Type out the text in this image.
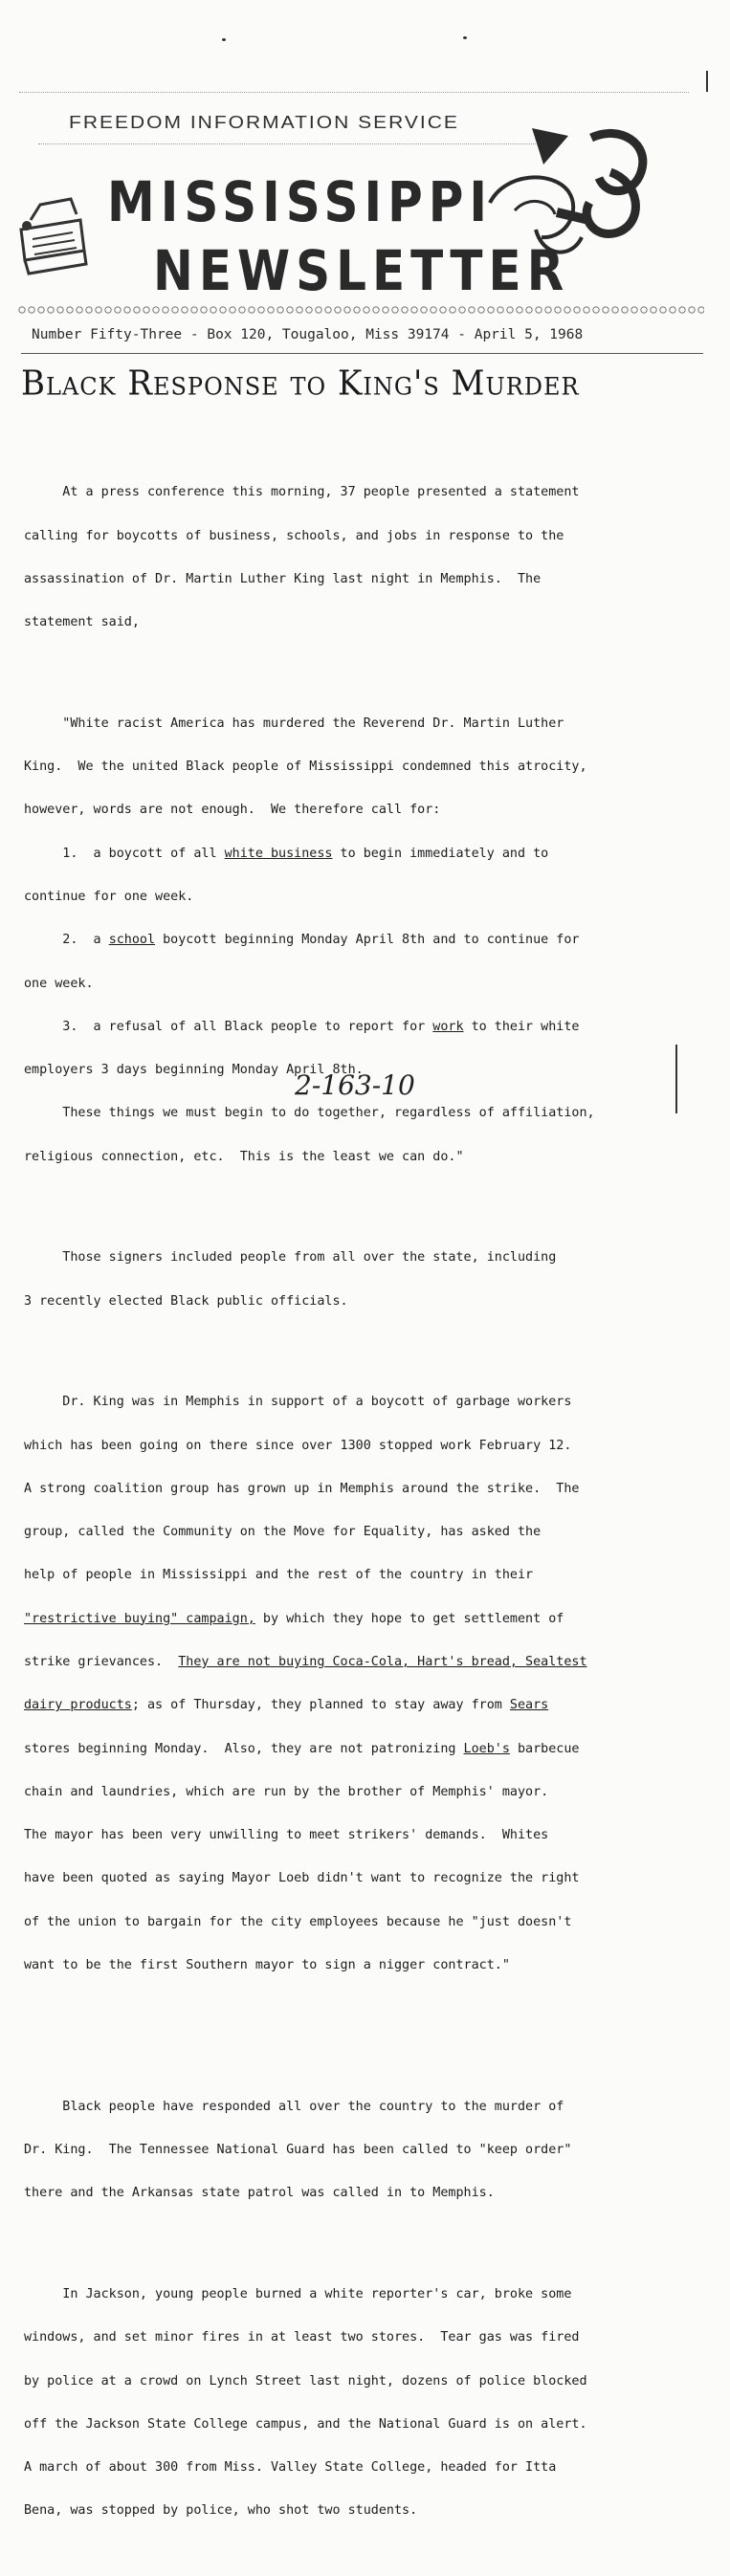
FREEDOM INFORMATION SERVICE
MISSISSIPPI
NEWSLETTER
Number Fifty-Three - Box 120, Tougaloo, Miss 39174 - April 5, 1968
Black Response to King's Murder

At a press conference this morning, 37 people presented a statement

calling for boycotts of business, schools, and jobs in response to the

assassination of Dr. Martin Luther King last night in Memphis.  The

statement said,

"White racist America has murdered the Reverend Dr. Martin Luther

King.  We the united Black people of Mississippi condemned this atrocity,

however, words are not enough.  We therefore call for:

1.  a boycott of all white business to begin immediately and to

continue for one week.

2.  a school boycott beginning Monday April 8th and to continue for

one week.

3.  a refusal of all Black people to report for work to their white

employers 3 days beginning Monday April 8th.

These things we must begin to do together, regardless of affiliation,

religious connection, etc.  This is the least we can do."

Those signers included people from all over the state, including

3 recently elected Black public officials.

Dr. King was in Memphis in support of a boycott of garbage workers

which has been going on there since over 1300 stopped work February 12.

A strong coalition group has grown up in Memphis around the strike.  The

group, called the Community on the Move for Equality, has asked the

help of people in Mississippi and the rest of the country in their

"restrictive buying" campaign, by which they hope to get settlement of

strike grievances.  They are not buying Coca-Cola, Hart's bread, Sealtest

dairy products; as of Thursday, they planned to stay away from Sears

stores beginning Monday.  Also, they are not patronizing Loeb's barbecue

chain and laundries, which are run by the brother of Memphis' mayor.

The mayor has been very unwilling to meet strikers' demands.  Whites

have been quoted as saying Mayor Loeb didn't want to recognize the right

of the union to bargain for the city employees because he "just doesn't

want to be the first Southern mayor to sign a nigger contract."

Black people have responded all over the country to the murder of

Dr. King.  The Tennessee National Guard has been called to "keep order"

there and the Arkansas state patrol was called in to Memphis.

In Jackson, young people burned a white reporter's car, broke some

windows, and set minor fires in at least two stores.  Tear gas was fired

by police at a crowd on Lynch Street last night, dozens of police blocked

off the Jackson State College campus, and the National Guard is on alert.

A march of about 300 from Miss. Valley State College, headed for Itta

Bena, was stopped by police, who shot two students.

2-163-10
